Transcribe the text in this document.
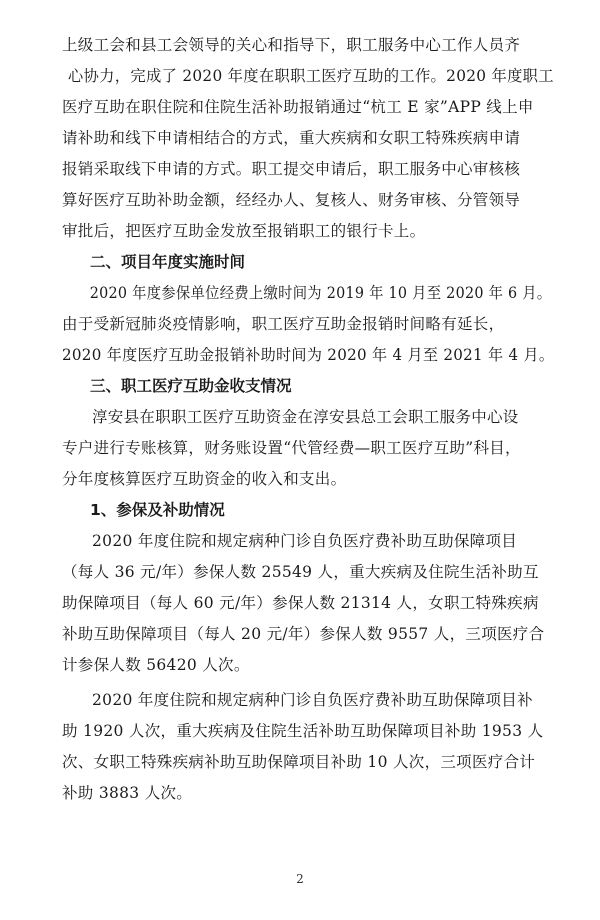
上级工会和县工会领导的关心和指导下，职工服务中心工作人员齐
心协力，完成了 2020 年度在职职工医疗互助的工作。2020 年度职工
医疗互助在职住院和住院生活补助报销通过“杭工 E 家”APP 线上申
请补助和线下申请相结合的方式，重大疾病和女职工特殊疾病申请
报销采取线下申请的方式。职工提交申请后，职工服务中心审核核
算好医疗互助补助金额，经经办人、复核人、财务审核、分管领导
审批后，把医疗互助金发放至报销职工的银行卡上。

二、项目年度实施时间

2020 年度参保单位经费上缴时间为 2019 年 10 月至 2020 年 6 月。
由于受新冠肺炎疫情影响，职工医疗互助金报销时间略有延长，
2020 年度医疗互助金报销补助时间为 2020 年 4 月至 2021 年 4 月。

三、职工医疗互助金收支情况

淳安县在职职工医疗互助资金在淳安县总工会职工服务中心设
专户进行专账核算，财务账设置“代管经费—职工医疗互助”科目，
分年度核算医疗互助资金的收入和支出。

1、参保及补助情况

2020 年度住院和规定病种门诊自负医疗费补助互助保障项目
（每人 36 元/年）参保人数 25549 人，重大疾病及住院生活补助互
助保障项目（每人 60 元/年）参保人数 21314 人，女职工特殊疾病
补助互助保障项目（每人 20 元/年）参保人数 9557 人，三项医疗合
计参保人数 56420 人次。

2020 年度住院和规定病种门诊自负医疗费补助互助保障项目补
助 1920 人次，重大疾病及住院生活补助互助保障项目补助 1953 人
次、女职工特殊疾病补助互助保障项目补助 10 人次，三项医疗合计
补助 3883 人次。

2
